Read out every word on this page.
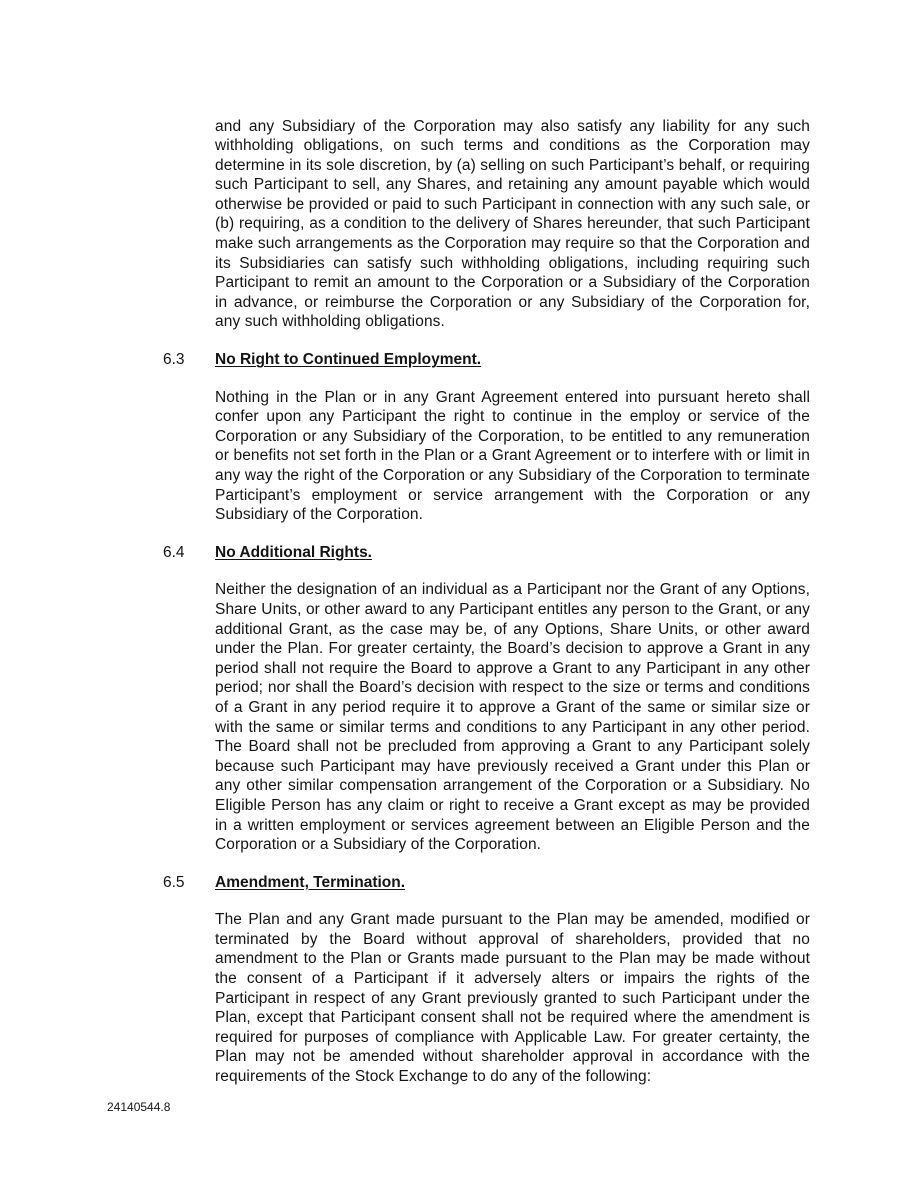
and any Subsidiary of the Corporation may also satisfy any liability for any such withholding obligations, on such terms and conditions as the Corporation may determine in its sole discretion, by (a) selling on such Participant’s behalf, or requiring such Participant to sell, any Shares, and retaining any amount payable which would otherwise be provided or paid to such Participant in connection with any such sale, or (b) requiring, as a condition to the delivery of Shares hereunder, that such Participant make such arrangements as the Corporation may require so that the Corporation and its Subsidiaries can satisfy such withholding obligations, including requiring such Participant to remit an amount to the Corporation or a Subsidiary of the Corporation in advance, or reimburse the Corporation or any Subsidiary of the Corporation for, any such withholding obligations.

6.3	No Right to Continued Employment.

Nothing in the Plan or in any Grant Agreement entered into pursuant hereto shall confer upon any Participant the right to continue in the employ or service of the Corporation or any Subsidiary of the Corporation, to be entitled to any remuneration or benefits not set forth in the Plan or a Grant Agreement or to interfere with or limit in any way the right of the Corporation or any Subsidiary of the Corporation to terminate Participant’s employment or service arrangement with the Corporation or any Subsidiary of the Corporation.

6.4	No Additional Rights.

Neither the designation of an individual as a Participant nor the Grant of any Options, Share Units, or other award to any Participant entitles any person to the Grant, or any additional Grant, as the case may be, of any Options, Share Units, or other award under the Plan. For greater certainty, the Board’s decision to approve a Grant in any period shall not require the Board to approve a Grant to any Participant in any other period; nor shall the Board’s decision with respect to the size or terms and conditions of a Grant in any period require it to approve a Grant of the same or similar size or with the same or similar terms and conditions to any Participant in any other period. The Board shall not be precluded from approving a Grant to any Participant solely because such Participant may have previously received a Grant under this Plan or any other similar compensation arrangement of the Corporation or a Subsidiary. No Eligible Person has any claim or right to receive a Grant except as may be provided in a written employment or services agreement between an Eligible Person and the Corporation or a Subsidiary of the Corporation.

6.5	Amendment, Termination.

The Plan and any Grant made pursuant to the Plan may be amended, modified or terminated by the Board without approval of shareholders, provided that no amendment to the Plan or Grants made pursuant to the Plan may be made without the consent of a Participant if it adversely alters or impairs the rights of the Participant in respect of any Grant previously granted to such Participant under the Plan, except that Participant consent shall not be required where the amendment is required for purposes of compliance with Applicable Law. For greater certainty, the Plan may not be amended without shareholder approval in accordance with the requirements of the Stock Exchange to do any of the following:

24140544.8
